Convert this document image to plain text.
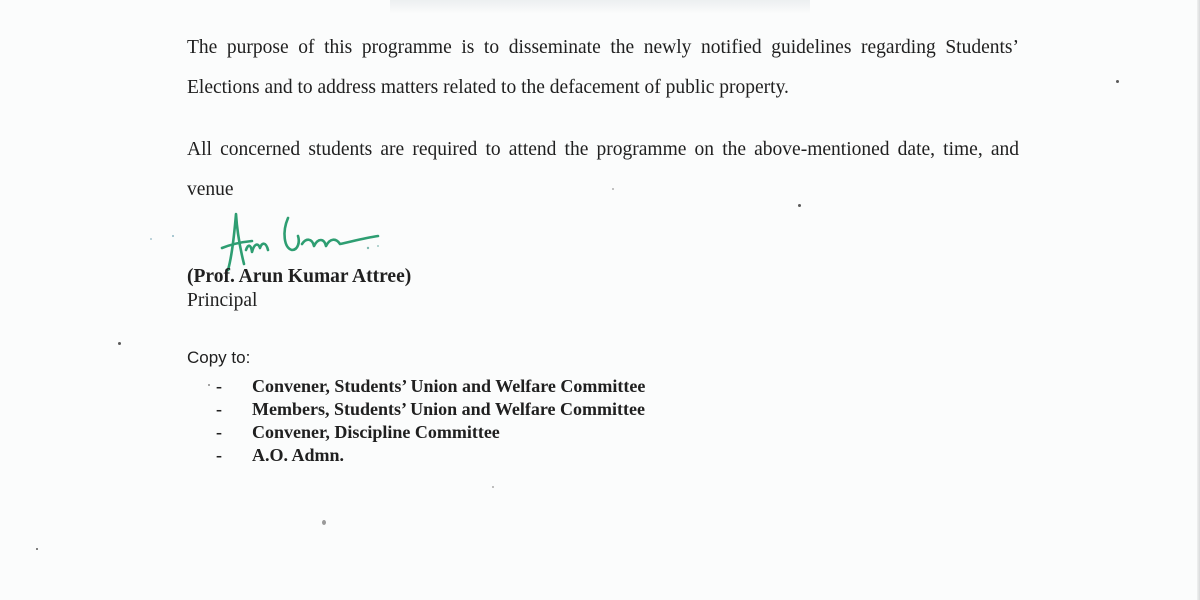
The purpose of this programme is to disseminate the newly notified guidelines regarding Students’ Elections and to address matters related to the defacement of public property.

All concerned students are required to attend the programme on the above-mentioned date, time, and venue

(Prof. Arun Kumar Attree)

Principal

Copy to:

-	Convener, Students’ Union and Welfare Committee
-	Members, Students’ Union and Welfare Committee
-	Convener, Discipline Committee
-	A.O. Admn.
